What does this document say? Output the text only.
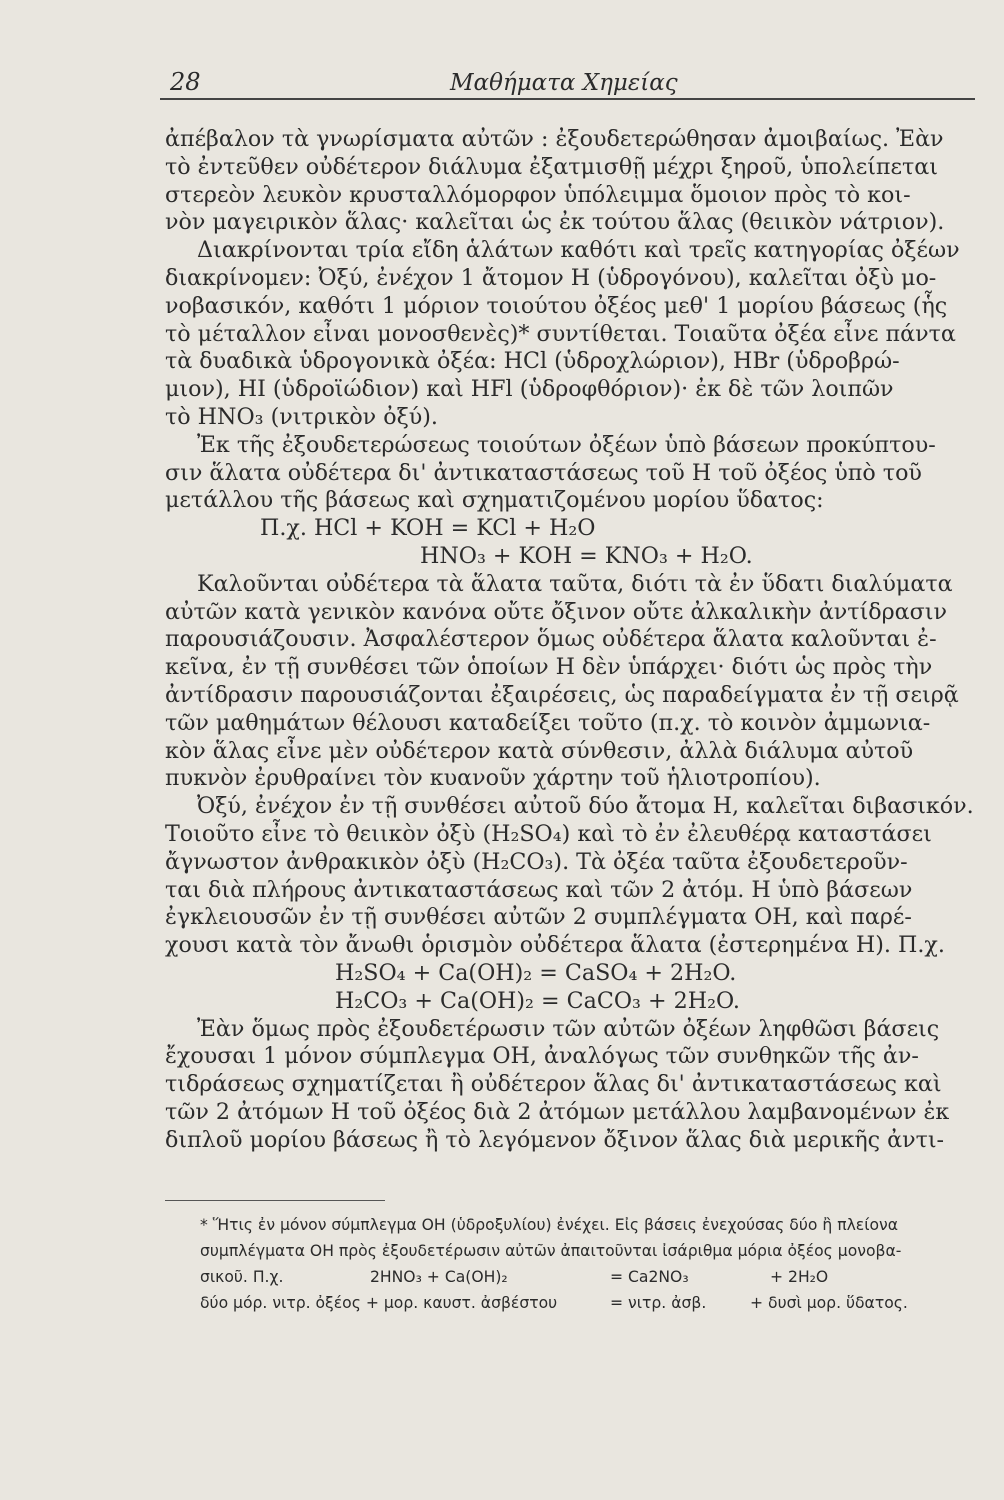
28	Μαθήματα Χημείας
ἀπέβαλον τὰ γνωρίσματα αὐτῶν : ἐξουδετερώθησαν ἀμοιβαίως. Ἐὰν
τὸ ἐντεῦθεν οὐδέτερον διάλυμα ἐξατμισθῇ μέχρι ξηροῦ, ὑπολείπεται
στερεὸν λευκὸν κρυσταλλόμορφον ὑπόλειμμα ὅμοιον πρὸς τὸ κοι-
νὸν μαγειρικὸν ἅλας· καλεῖται ὡς ἐκ τούτου ἅλας (θειικὸν νάτριον).
Διακρίνονται τρία εἴδη ἁλάτων καθότι καὶ τρεῖς κατηγορίας ὀξέων
διακρίνομεν: Ὀξύ, ἐνέχον 1 ἄτομον Η (ὑδρογόνου), καλεῖται ὀξὺ μο-
νοβασικόν, καθότι 1 μόριον τοιούτου ὀξέος μεθ' 1 μορίου βάσεως (ἧς
τὸ μέταλλον εἶναι μονοσθενὲς)* συντίθεται. Τοιαῦτα ὀξέα εἶνε πάντα
τὰ δυαδικὰ ὑδρογονικὰ ὀξέα: HCl (ὑδροχλώριον), HBr (ὑδροβρώ-
μιον), HI (ὑδροϊώδιον) καὶ HFl (ὑδροφθόριον)· ἐκ δὲ τῶν λοιπῶν
τὸ HNO₃ (νιτρικὸν ὀξύ).
Ἐκ τῆς ἐξουδετερώσεως τοιούτων ὀξέων ὑπὸ βάσεων προκύπτου-
σιν ἅλατα οὐδέτερα δι' ἀντικαταστάσεως τοῦ Η τοῦ ὀξέος ὑπὸ τοῦ
μετάλλου τῆς βάσεως καὶ σχηματιζομένου μορίου ὕδατος:
Π.χ. HCl + KOH = KCl + H₂O
HNO₃ + KOH = KNO₃ + H₂O.
Καλοῦνται οὐδέτερα τὰ ἅλατα ταῦτα, διότι τὰ ἐν ὕδατι διαλύματα
αὐτῶν κατὰ γενικὸν κανόνα οὔτε ὄξινον οὔτε ἀλκαλικὴν ἀντίδρασιν
παρουσιάζουσιν. Ἀσφαλέστερον ὅμως οὐδέτερα ἅλατα καλοῦνται ἐ-
κεῖνα, ἐν τῇ συνθέσει τῶν ὁποίων Η δὲν ὑπάρχει· διότι ὡς πρὸς τὴν
ἀντίδρασιν παρουσιάζονται ἐξαιρέσεις, ὡς παραδείγματα ἐν τῇ σειρᾷ
τῶν μαθημάτων θέλουσι καταδείξει τοῦτο (π.χ. τὸ κοινὸν ἀμμωνια-
κὸν ἅλας εἶνε μὲν οὐδέτερον κατὰ σύνθεσιν, ἀλλὰ διάλυμα αὐτοῦ
πυκνὸν ἐρυθραίνει τὸν κυανοῦν χάρτην τοῦ ἡλιοτροπίου).
Ὀξύ, ἐνέχον ἐν τῇ συνθέσει αὐτοῦ δύο ἄτομα Η, καλεῖται διβασικόν.
Τοιοῦτο εἶνε τὸ θειικὸν ὀξὺ (H₂SO₄) καὶ τὸ ἐν ἐλευθέρᾳ καταστάσει
ἄγνωστον ἀνθρακικὸν ὀξὺ (H₂CO₃). Τὰ ὀξέα ταῦτα ἐξουδετεροῦν-
ται διὰ πλήρους ἀντικαταστάσεως καὶ τῶν 2 ἀτόμ. Η ὑπὸ βάσεων
ἐγκλειουσῶν ἐν τῇ συνθέσει αὐτῶν 2 συμπλέγματα ΟΗ, καὶ παρέ-
χουσι κατὰ τὸν ἄνωθι ὁρισμὸν οὐδέτερα ἅλατα (ἐστερημένα Η). Π.χ.
H₂SO₄ + Ca(OH)₂ = CaSO₄ + 2H₂O.
H₂CO₃ + Ca(OH)₂ = CaCO₃ + 2H₂O.
Ἐὰν ὅμως πρὸς ἐξουδετέρωσιν τῶν αὐτῶν ὀξέων ληφθῶσι βάσεις
ἔχουσαι 1 μόνον σύμπλεγμα ΟΗ, ἀναλόγως τῶν συνθηκῶν τῆς ἀν-
τιδράσεως σχηματίζεται ἢ οὐδέτερον ἅλας δι' ἀντικαταστάσεως καὶ
τῶν 2 ἀτόμων Η τοῦ ὀξέος διὰ 2 ἀτόμων μετάλλου λαμβανομένων ἐκ
διπλοῦ μορίου βάσεως ἢ τὸ λεγόμενον ὄξινον ἅλας διὰ μερικῆς ἀντι-
* Ἥτις ἐν μόνον σύμπλεγμα ΟΗ (ὑδροξυλίου) ἐνέχει. Εἰς βάσεις ἐνεχούσας δύο ἢ πλείονα
συμπλέγματα ΟΗ πρὸς ἐξουδετέρωσιν αὐτῶν ἀπαιτοῦνται ἰσάριθμα μόρια ὀξέος μονοβα-
σικοῦ. Π.χ.	2HNO₃ + Ca(OH)₂	= Ca2NO₃	+ 2H₂O
δύο μόρ. νιτρ. ὀξέος + μορ. καυστ. ἀσβέστου	= νιτρ. ἀσβ.	+ δυσὶ μορ. ὕδατος.
